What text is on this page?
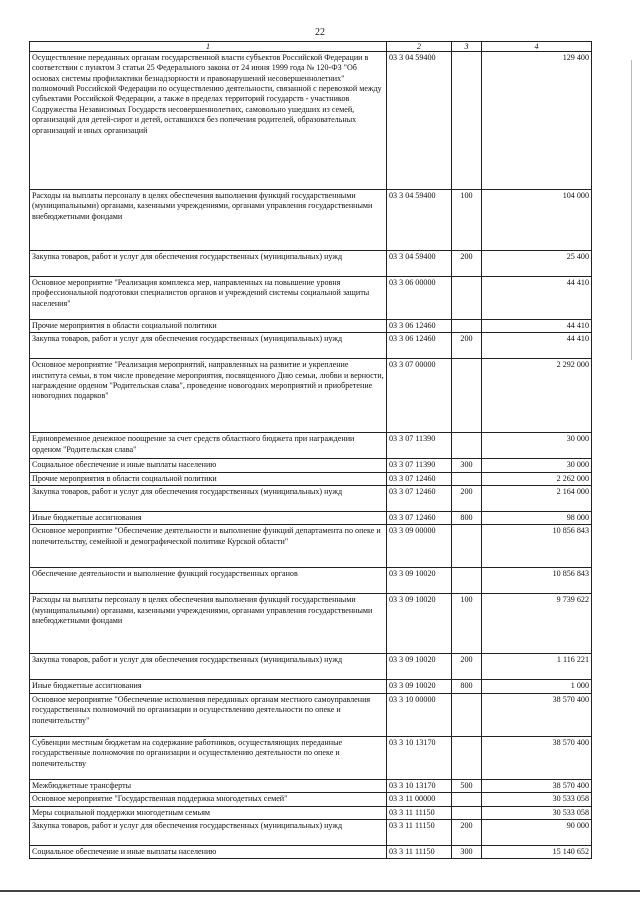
22
1	2	3	4
Осуществление переданных органам государственной власти субъектов Российской Федерации в соответствии с пунктом 3 статьи 25 Федерального закона от 24 июня 1999 года № 120-ФЗ "Об основах системы профилактики безнадзорности и правонарушений несовершеннолетних" полномочий Российской Федерации по осуществлению деятельности, связанной с перевозкой между субъектами Российской Федерации, а также в пределах территорий государств - участников Содружества Независимых Государств несовершеннолетних, самовольно ушедших из семей, организаций для детей-сирот и детей, оставшихся без попечения родителей, образовательных организаций и иных организаций	03 3 04 59400		129 400
Расходы на выплаты персоналу в целях обеспечения выполнения функций государственными (муниципальными) органами, казенными учреждениями, органами управления государственными внебюджетными фондами	03 3 04 59400	100	104 000
Закупка товаров, работ и услуг для обеспечения государственных (муниципальных) нужд	03 3 04 59400	200	25 400
Основное мероприятие "Реализация комплекса мер, направленных на повышение уровня профессиональной подготовки специалистов органов и учреждений системы социальной защиты населения"	03 3 06 00000		44 410
Прочие мероприятия в области социальной политики	03 3 06 12460		44 410
Закупка товаров, работ и услуг для обеспечения государственных (муниципальных) нужд	03 3 06 12460	200	44 410
Основное мероприятие "Реализация мероприятий, направленных на развитие и укрепление института семьи, в том числе проведение мероприятия, посвященного Дню семьи, любви и верности, награждение орденом "Родительская слава", проведение новогодних мероприятий и приобретение новогодних подарков"	03 3 07 00000		2 292 000
Единовременное денежное поощрение за счет средств областного бюджета при награждении орденом "Родительская слава"	03 3 07 11390		30 000
Социальное обеспечение и иные выплаты населению	03 3 07 11390	300	30 000
Прочие мероприятия в области социальной политики	03 3 07 12460		2 262 000
Закупка товаров, работ и услуг для обеспечения государственных (муниципальных) нужд	03 3 07 12460	200	2 164 000
Иные бюджетные ассигнования	03 3 07 12460	800	98 000
Основное мероприятие "Обеспечение деятельности и выполнение функций департамента по опеке и попечительству, семейной и демографической политике Курской области"	03 3 09 00000		10 856 843
Обеспечение деятельности и выполнение функций государственных органов	03 3 09 10020		10 856 843
Расходы на выплаты персоналу в целях обеспечения выполнения функций государственными (муниципальными) органами, казенными учреждениями, органами управления государственными внебюджетными фондами	03 3 09 10020	100	9 739 622
Закупка товаров, работ и услуг для обеспечения государственных (муниципальных) нужд	03 3 09 10020	200	1 116 221
Иные бюджетные ассигнования	03 3 09 10020	800	1 000
Основное мероприятие "Обеспечение исполнения переданных органам местного самоуправления государственных полномочий по организации и осуществлению деятельности по опеке и попечительству"	03 3 10 00000		38 570 400
Субвенции местным бюджетам на содержание работников, осуществляющих переданные государственные полномочия по организации и осуществлению деятельности по опеке и попечительству	03 3 10 13170		38 570 400
Межбюджетные трансферты	03 3 10 13170	500	38 570 400
Основное мероприятие "Государственная поддержка многодетных семей"	03 3 11 00000		30 533 058
Меры социальной поддержки многодетным семьям	03 3 11 11150		30 533 058
Закупка товаров, работ и услуг для обеспечения государственных (муниципальных) нужд	03 3 11 11150	200	90 000
Социальное обеспечение и иные выплаты населению	03 3 11 11150	300	15 140 652
